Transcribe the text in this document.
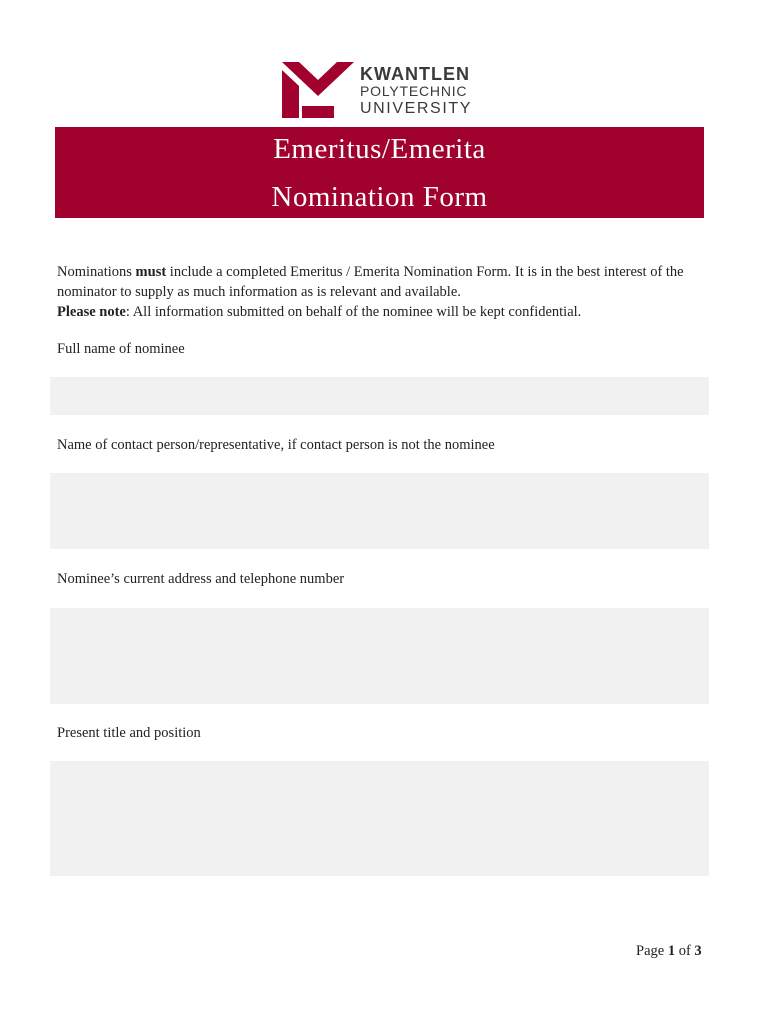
KWANTLEN
POLYTECHNIC
UNIVERSITY
Emeritus/Emerita
Nomination Form
Nominations must include a completed Emeritus / Emerita Nomination Form. It is in the best interest of the nominator to supply as much information as is relevant and available.
Please note: All information submitted on behalf of the nominee will be kept confidential.
Full name of nominee
Name of contact person/representative, if contact person is not the nominee
Nominee’s current address and telephone number
Present title and position
Page 1 of 3
